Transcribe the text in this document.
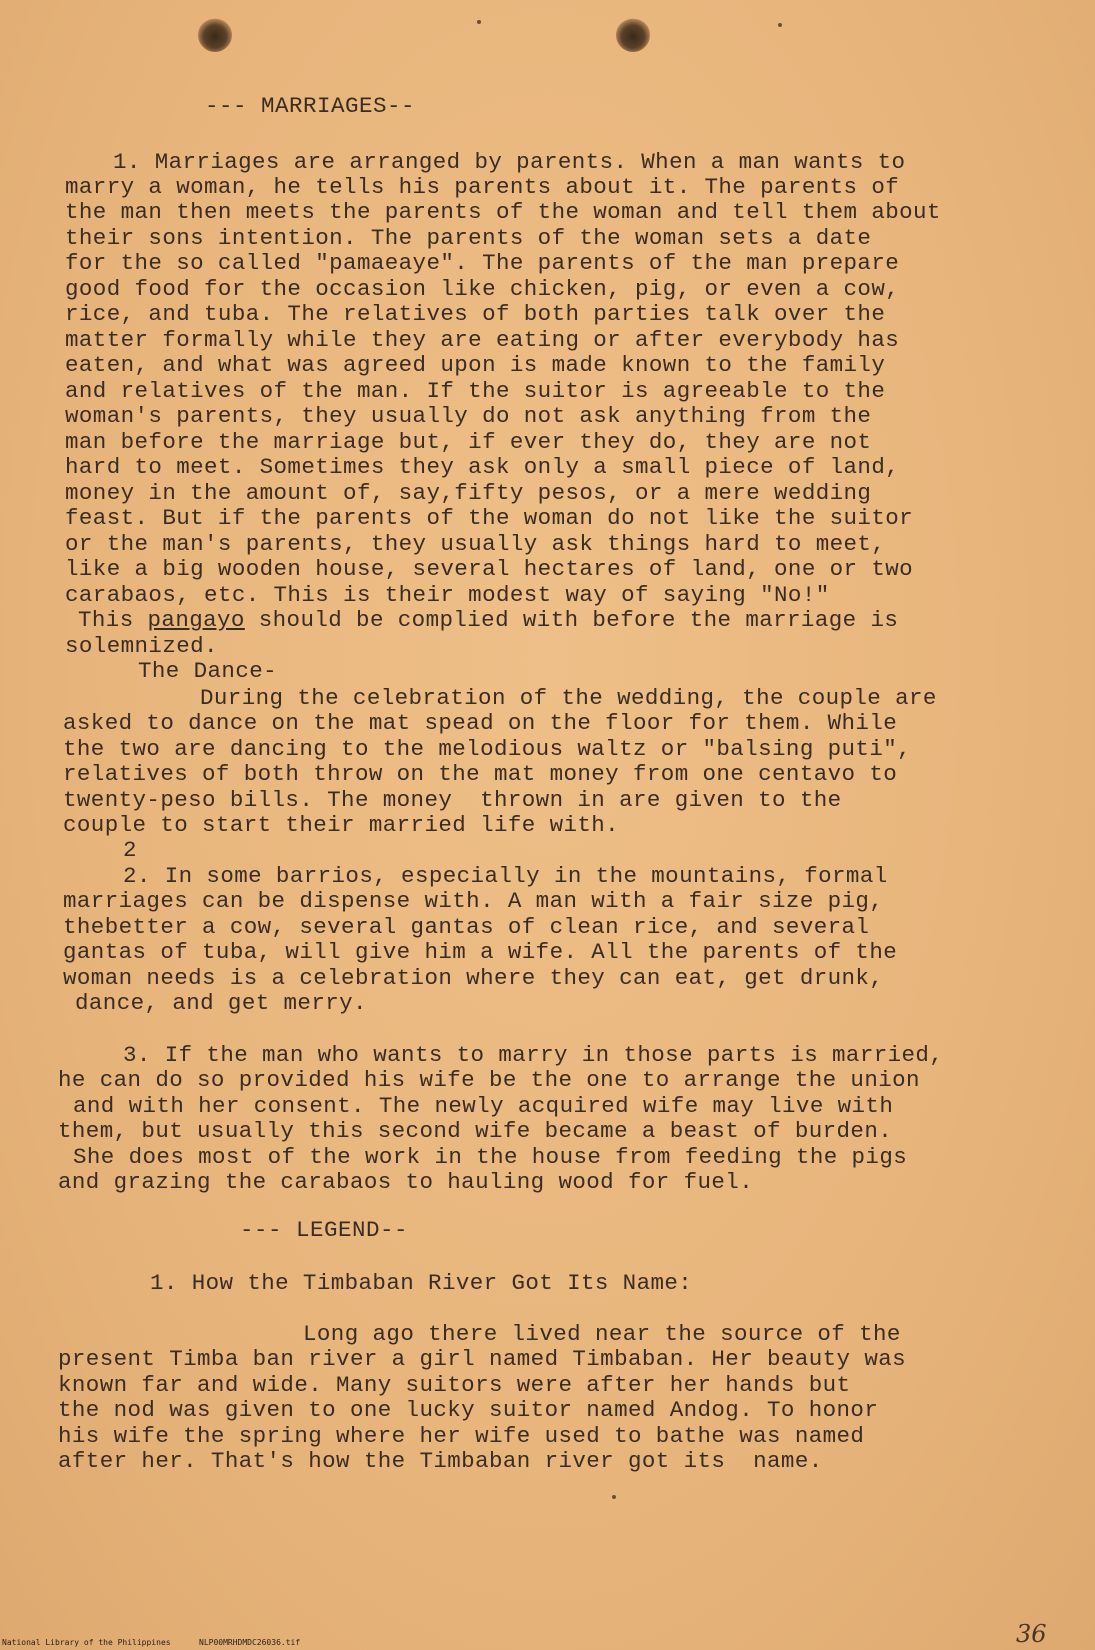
--- MARRIAGES--
1. Marriages are arranged by parents. When a man wants to
marry a woman, he tells his parents about it. The parents of
the man then meets the parents of the woman and tell them about
their sons intention. The parents of the woman sets a date
for the so called "pamaeaye". The parents of the man prepare
good food for the occasion like chicken, pig, or even a cow,
rice, and tuba. The relatives of both parties talk over the
matter formally while they are eating or after everybody has
eaten, and what was agreed upon is made known to the family
and relatives of the man. If the suitor is agreeable to the
woman's parents, they usually do not ask anything from the
man before the marriage but, if ever they do, they are not
hard to meet. Sometimes they ask only a small piece of land,
money in the amount of, say,fifty pesos, or a mere wedding
feast. But if the parents of the woman do not like the suitor
or the man's parents, they usually ask things hard to meet,
like a big wooden house, several hectares of land, one or two
carabaos, etc. This is their modest way of saying "No!"
This pangayo should be complied with before the marriage is
solemnized.
The Dance-
During the celebration of the wedding, the couple are
asked to dance on the mat spead on the floor for them. While
the two are dancing to the melodious waltz or "balsing puti",
relatives of both throw on the mat money from one centavo to
twenty-peso bills. The money  thrown in are given to the
couple to start their married life with.
2
2. In some barrios, especially in the mountains, formal
marriages can be dispense with. A man with a fair size pig,
thebetter a cow, several gantas of clean rice, and several
gantas of tuba, will give him a wife. All the parents of the
woman needs is a celebration where they can eat, get drunk,
dance, and get merry.
3. If the man who wants to marry in those parts is married,
he can do so provided his wife be the one to arrange the union
and with her consent. The newly acquired wife may live with
them, but usually this second wife became a beast of burden.
She does most of the work in the house from feeding the pigs
and grazing the carabaos to hauling wood for fuel.
--- LEGEND--
1. How the Timbaban River Got Its Name:
Long ago there lived near the source of the
present Timba ban river a girl named Timbaban. Her beauty was
known far and wide. Many suitors were after her hands but
the nod was given to one lucky suitor named Andog. To honor
his wife the spring where her wife used to bathe was named
after her. That's how the Timbaban river got its  name.
National Library of the Philippines	NLP00MRHDMDC26036.tif	36
